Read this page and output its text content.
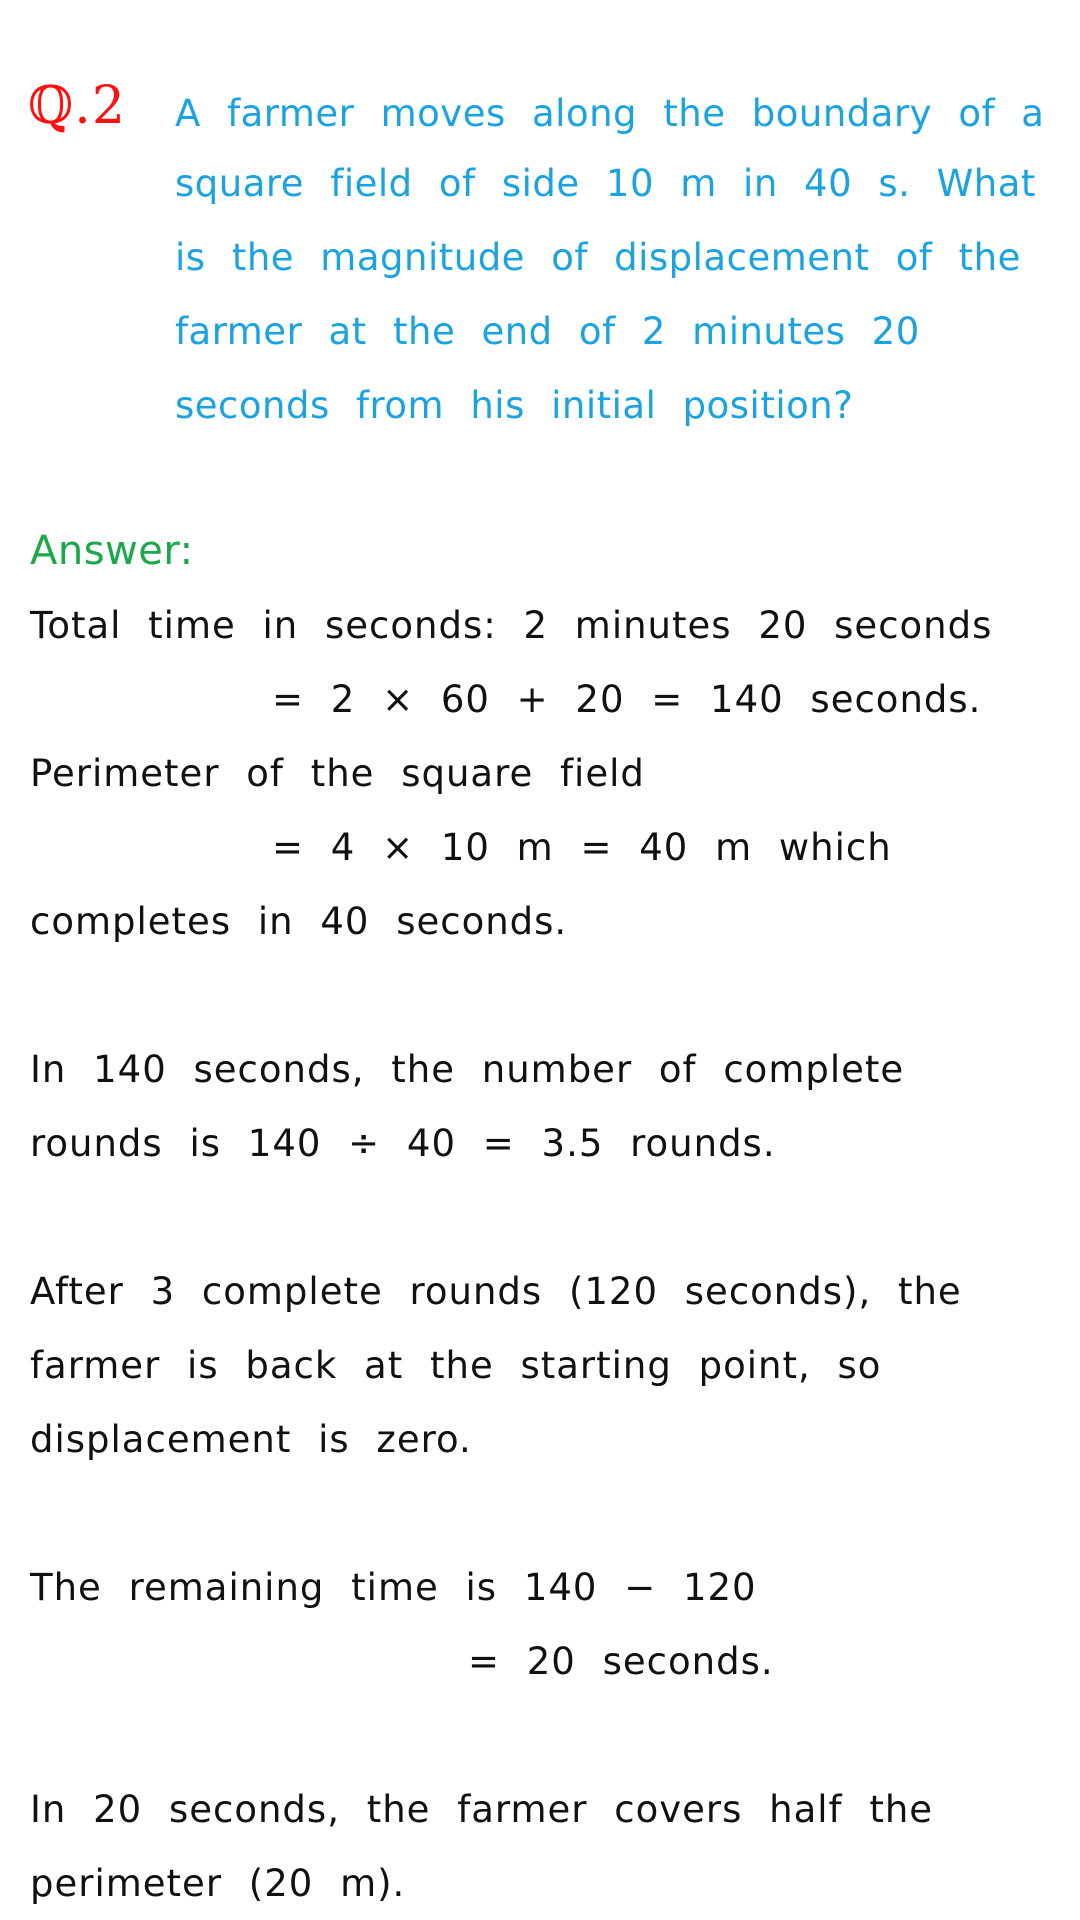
ℚ.2 A farmer moves along the boundary of a
square field of side 10 m in 40 s. What
is the magnitude of displacement of the
farmer at the end of 2 minutes 20
seconds from his initial position?
Answer:
Total time in seconds: 2 minutes 20 seconds
= 2 × 60 + 20 = 140 seconds.
Perimeter of the square field
= 4 × 10 m = 40 m which
completes in 40 seconds.
In 140 seconds, the number of complete
rounds is 140 ÷ 40 = 3.5 rounds.
After 3 complete rounds (120 seconds), the
farmer is back at the starting point, so
displacement is zero.
The remaining time is 140 − 120
= 20 seconds.
In 20 seconds, the farmer covers half the
perimeter (20 m).
